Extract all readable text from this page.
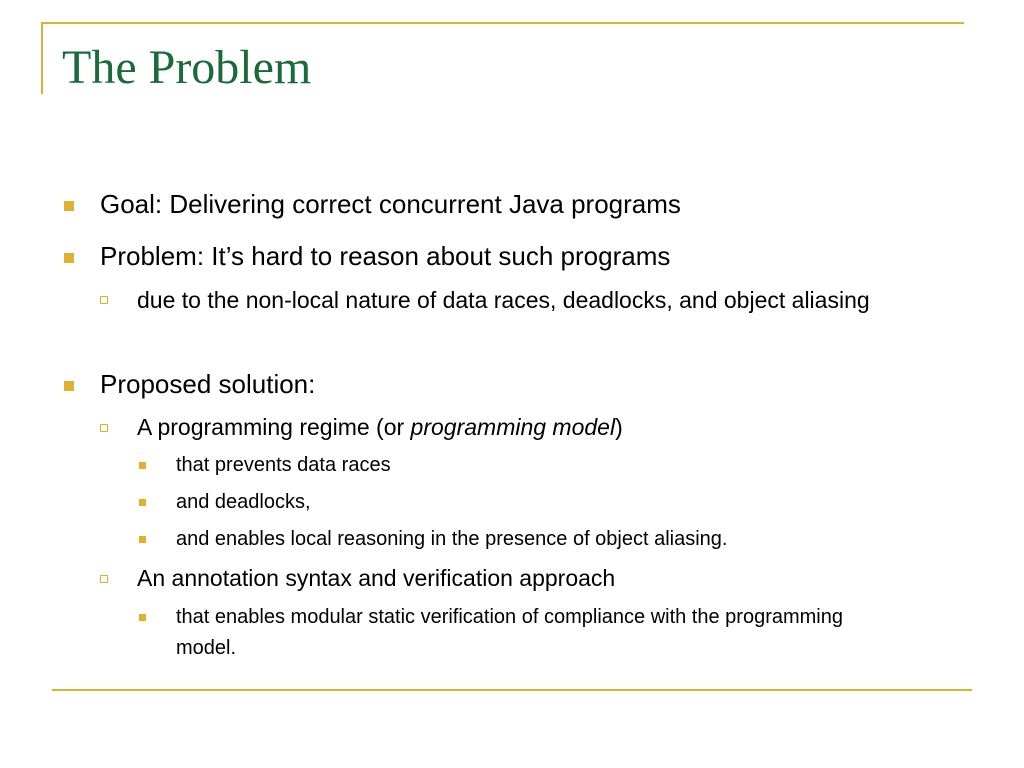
The Problem
Goal: Delivering correct concurrent Java programs
Problem: It’s hard to reason about such programs
due to the non-local nature of data races, deadlocks, and object aliasing
Proposed solution:
A programming regime (or programming model)
that prevents data races
and deadlocks,
and enables local reasoning in the presence of object aliasing.
An annotation syntax and verification approach
that enables modular static verification of compliance with the programming model.
